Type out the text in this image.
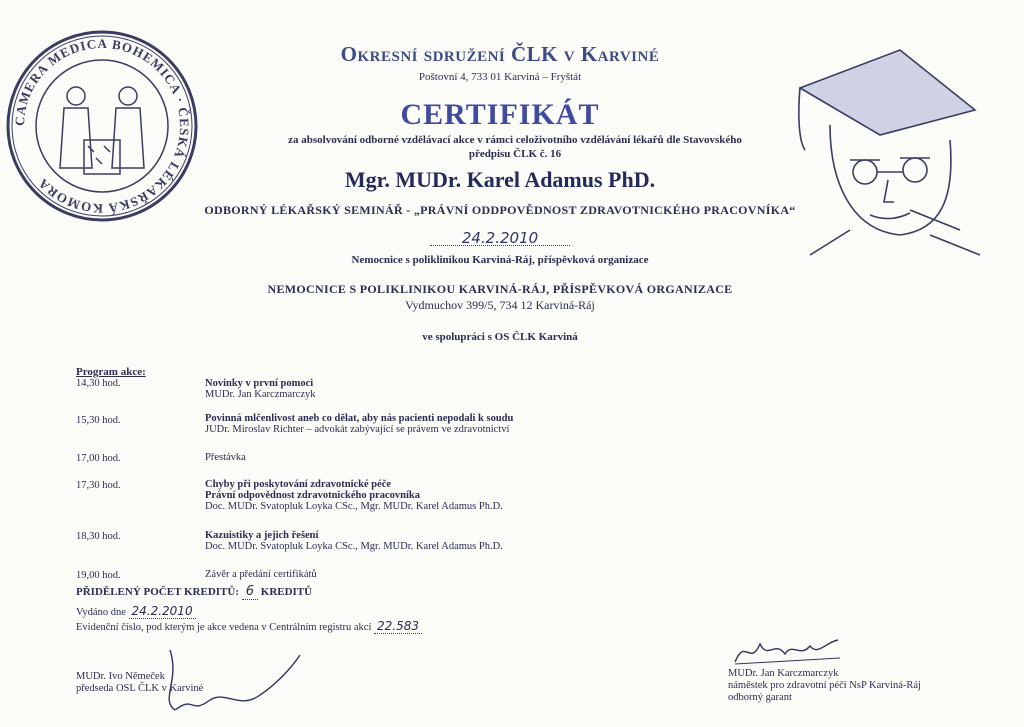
CAMERA MEDICA BOHEMICA · ČESKÁ LÉKAŘSKÁ KOMORA
Okresní sdružení ČLK v Karviné
Poštovní 4, 733 01 Karviná – Fryštát
CERTIFIKÁT
za absolvování odborné vzdělávací akce v rámci celoživotního vzdělávání lékařů dle Stavovského
předpisu ČLK č. 16
Mgr. MUDr. Karel Adamus PhD.
ODBORNÝ LÉKAŘSKÝ SEMINÁŘ - „PRÁVNÍ ODDPOVĚDNOST ZDRAVOTNICKÉHO PRACOVNÍKA“
24.2.2010
Nemocnice s poliklinikou Karviná-Ráj, příspěvková organizace
NEMOCNICE S POLIKLINIKOU KARVINÁ-RÁJ, PŘÍSPĚVKOVÁ ORGANIZACE
Vydmuchov 399/5, 734 12 Karviná-Ráj
ve spolupráci s OS ČLK Karviná
Program akce:
14,30 hod.	Novinky v první pomoci
MUDr. Jan Karczmarczyk
15,30 hod.	Povinná mlčenlivost aneb co dělat, aby nás pacienti nepodali k soudu
JUDr. Miroslav Richter – advokát zabývající se právem ve zdravotnictví
17,00 hod.	Přestávka
17,30 hod.	Chyby při poskytování zdravotnické péče
Právní odpovědnost zdravotnického pracovníka
Doc. MUDr. Svatopluk Loyka CSc., Mgr. MUDr. Karel Adamus Ph.D.
18,30 hod.	Kazuistiky a jejich řešení
Doc. MUDr. Svatopluk Loyka CSc., Mgr. MUDr. Karel Adamus Ph.D.
19,00 hod.	Závěr a předání certifikátů
PŘIDĚLENÝ POČET KREDITŮ: 6 KREDITŮ
Vydáno dne 24.2.2010
Evidenční číslo, pod kterým je akce vedena v Centrálním registru akcí 22.583
MUDr. Ivo Němeček
předseda OSL ČLK v Karviné
MUDr. Jan Karczmarczyk
náměstek pro zdravotní péči NsP Karviná-Ráj
odborný garant
